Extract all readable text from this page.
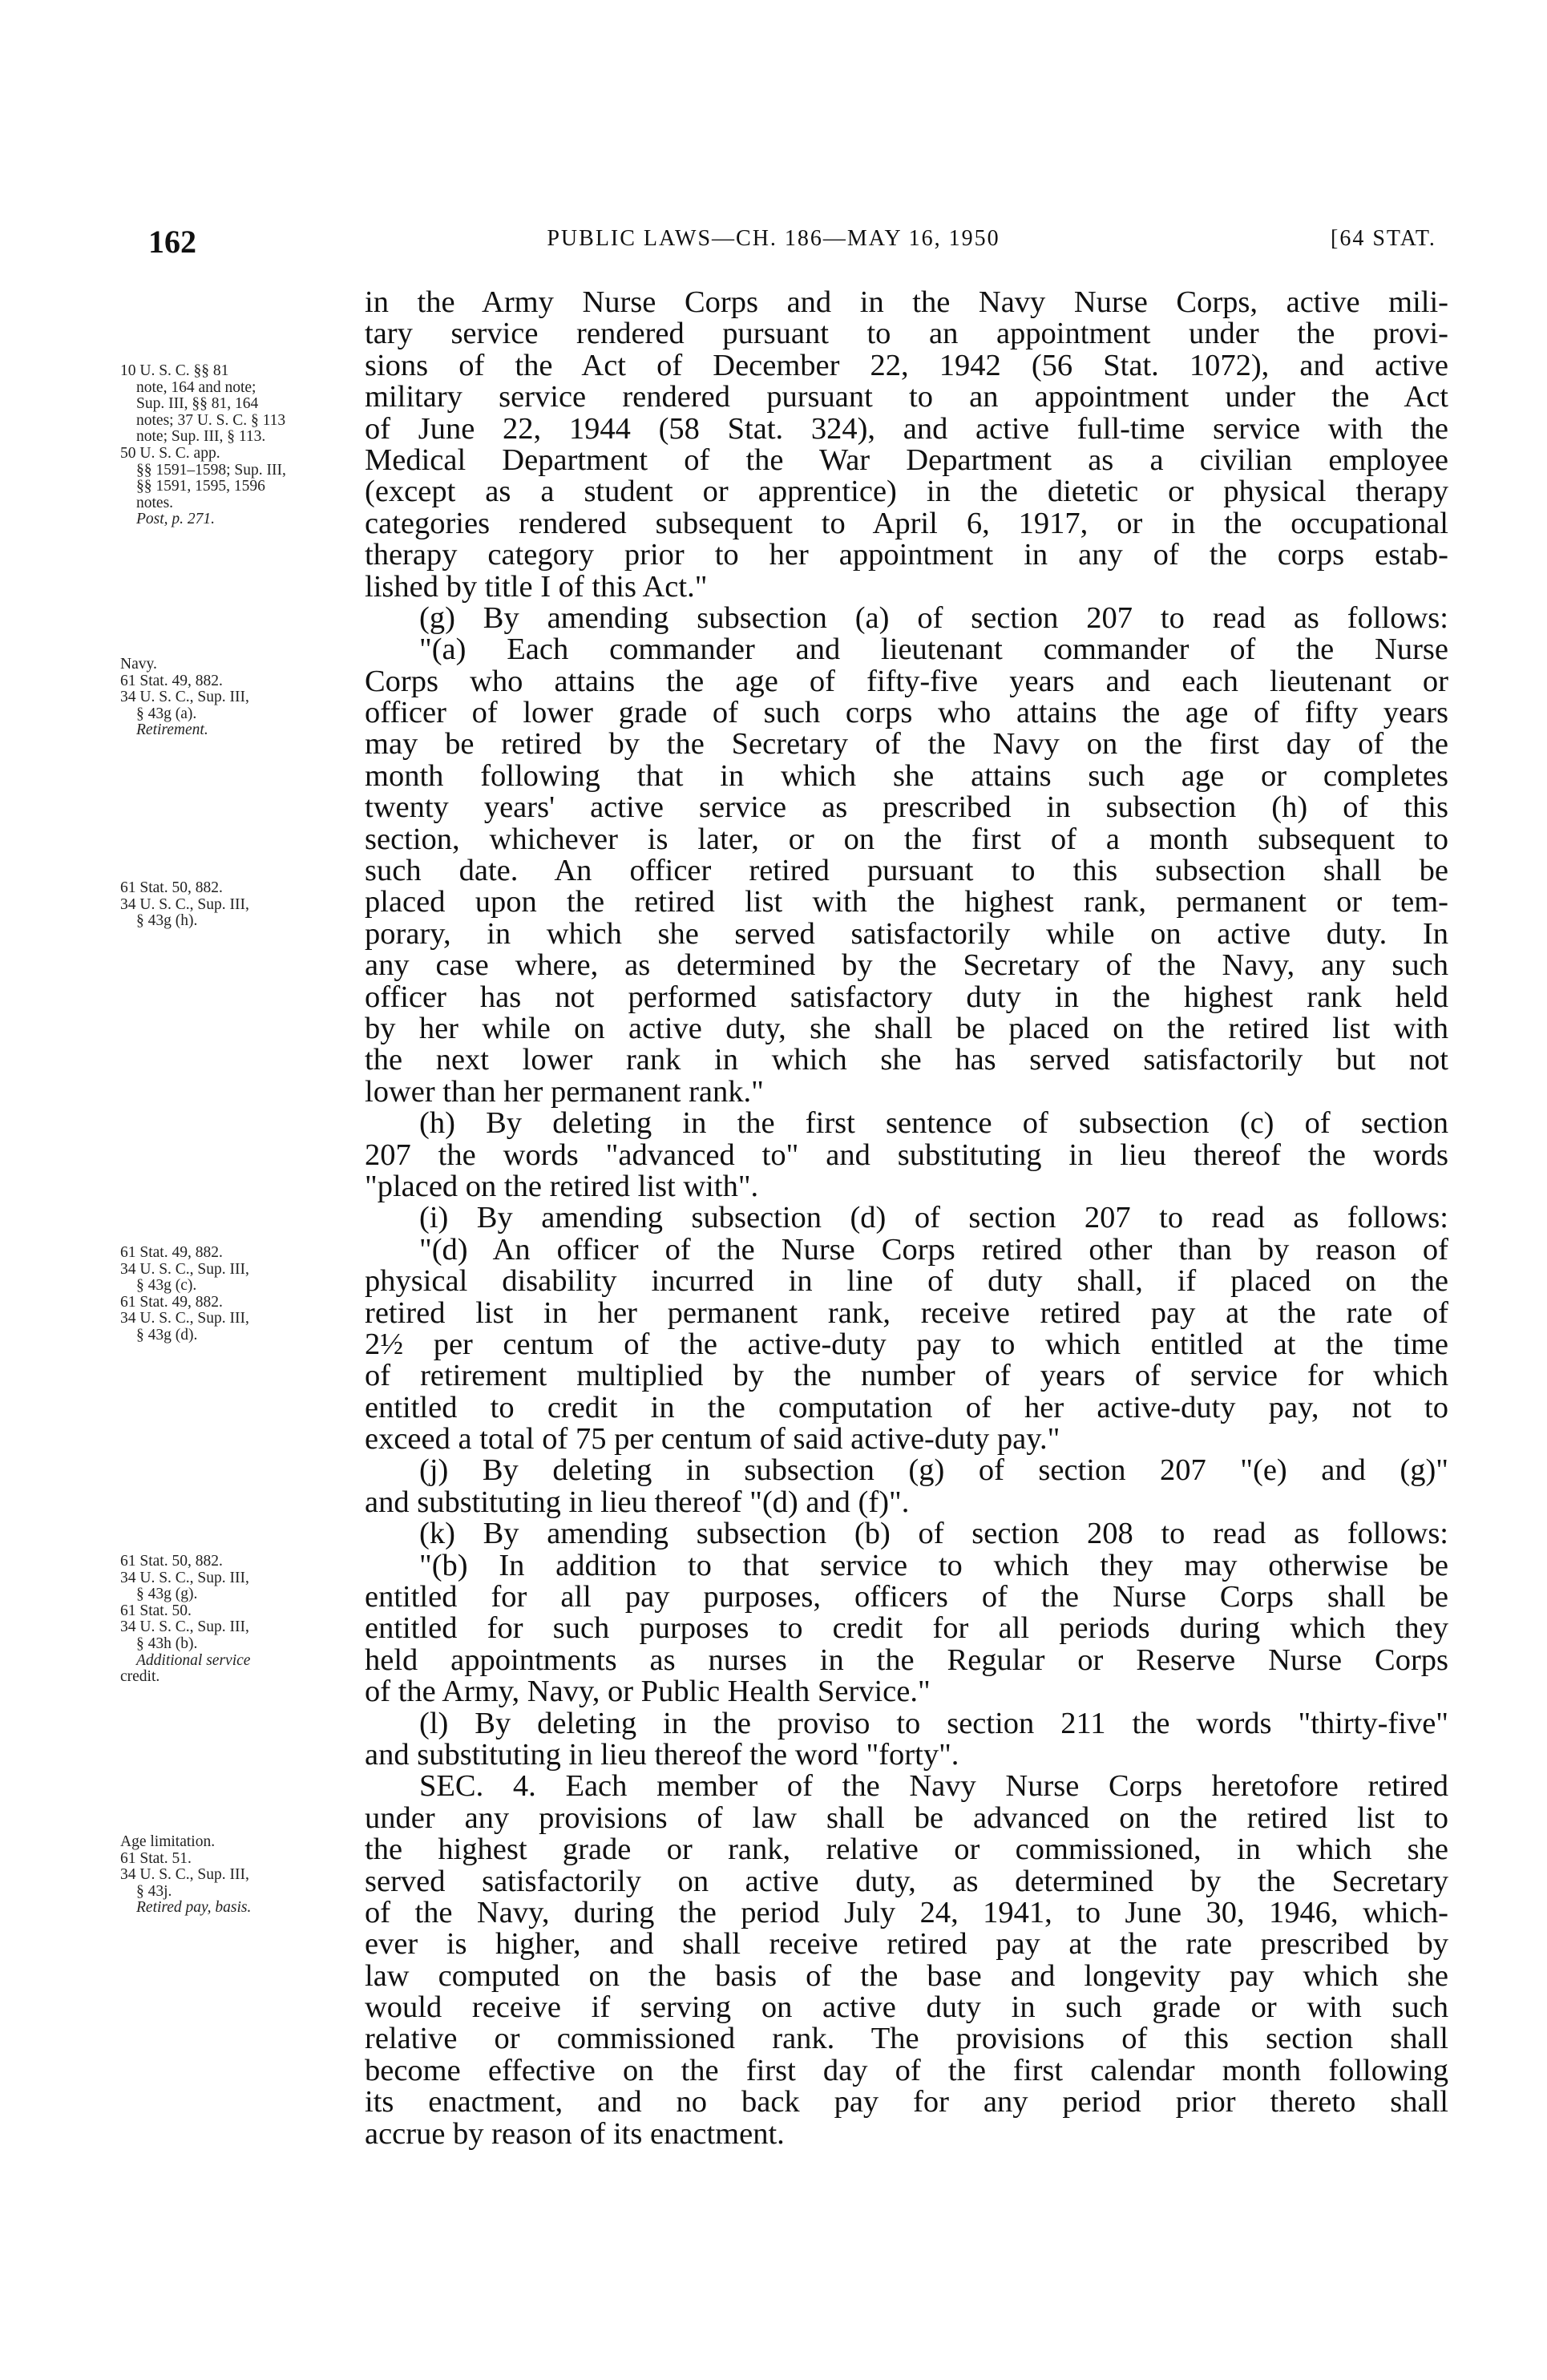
162	PUBLIC LAWS—CH. 186—MAY 16, 1950	[64 STAT.
10 U. S. C. §§ 81
note, 164 and note;
Sup. III, §§ 81, 164
notes; 37 U. S. C. § 113
note; Sup. III, § 113.
50 U. S. C. app.
§§ 1591–1598; Sup. III,
§§ 1591, 1595, 1596
notes.
Post, p. 271.
Navy.
61 Stat. 49, 882.
34 U. S. C., Sup. III,
§ 43g (a).
Retirement.
61 Stat. 50, 882.
34 U. S. C., Sup. III,
§ 43g (h).
61 Stat. 49, 882.
34 U. S. C., Sup. III,
§ 43g (c).
61 Stat. 49, 882.
34 U. S. C., Sup. III,
§ 43g (d).
61 Stat. 50, 882.
34 U. S. C., Sup. III,
§ 43g (g).
61 Stat. 50.
34 U. S. C., Sup. III,
§ 43h (b).
Additional service
credit.
Age limitation.
61 Stat. 51.
34 U. S. C., Sup. III,
§ 43j.
Retired pay, basis.
in the Army Nurse Corps and in the Navy Nurse Corps, active mili-
tary service rendered pursuant to an appointment under the provi-
sions of the Act of December 22, 1942 (56 Stat. 1072), and active
military service rendered pursuant to an appointment under the Act
of June 22, 1944 (58 Stat. 324), and active full-time service with the
Medical Department of the War Department as a civilian employee
(except as a student or apprentice) in the dietetic or physical therapy
categories rendered subsequent to April 6, 1917, or in the occupational
therapy category prior to her appointment in any of the corps estab-
lished by title I of this Act."
(g) By amending subsection (a) of section 207 to read as follows:
"(a) Each commander and lieutenant commander of the Nurse
Corps who attains the age of fifty-five years and each lieutenant or
officer of lower grade of such corps who attains the age of fifty years
may be retired by the Secretary of the Navy on the first day of the
month following that in which she attains such age or completes
twenty years' active service as prescribed in subsection (h) of this
section, whichever is later, or on the first of a month subsequent to
such date. An officer retired pursuant to this subsection shall be
placed upon the retired list with the highest rank, permanent or tem-
porary, in which she served satisfactorily while on active duty. In
any case where, as determined by the Secretary of the Navy, any such
officer has not performed satisfactory duty in the highest rank held
by her while on active duty, she shall be placed on the retired list with
the next lower rank in which she has served satisfactorily but not
lower than her permanent rank."
(h) By deleting in the first sentence of subsection (c) of section
207 the words "advanced to" and substituting in lieu thereof the words
"placed on the retired list with".
(i) By amending subsection (d) of section 207 to read as follows:
"(d) An officer of the Nurse Corps retired other than by reason of
physical disability incurred in line of duty shall, if placed on the
retired list in her permanent rank, receive retired pay at the rate of
2½ per centum of the active-duty pay to which entitled at the time
of retirement multiplied by the number of years of service for which
entitled to credit in the computation of her active-duty pay, not to
exceed a total of 75 per centum of said active-duty pay."
(j) By deleting in subsection (g) of section 207 "(e) and (g)"
and substituting in lieu thereof "(d) and (f)".
(k) By amending subsection (b) of section 208 to read as follows:
"(b) In addition to that service to which they may otherwise be
entitled for all pay purposes, officers of the Nurse Corps shall be
entitled for such purposes to credit for all periods during which they
held appointments as nurses in the Regular or Reserve Nurse Corps
of the Army, Navy, or Public Health Service."
(l) By deleting in the proviso to section 211 the words "thirty-five"
and substituting in lieu thereof the word "forty".
SEC. 4. Each member of the Navy Nurse Corps heretofore retired
under any provisions of law shall be advanced on the retired list to
the highest grade or rank, relative or commissioned, in which she
served satisfactorily on active duty, as determined by the Secretary
of the Navy, during the period July 24, 1941, to June 30, 1946, which-
ever is higher, and shall receive retired pay at the rate prescribed by
law computed on the basis of the base and longevity pay which she
would receive if serving on active duty in such grade or with such
relative or commissioned rank. The provisions of this section shall
become effective on the first day of the first calendar month following
its enactment, and no back pay for any period prior thereto shall
accrue by reason of its enactment.
